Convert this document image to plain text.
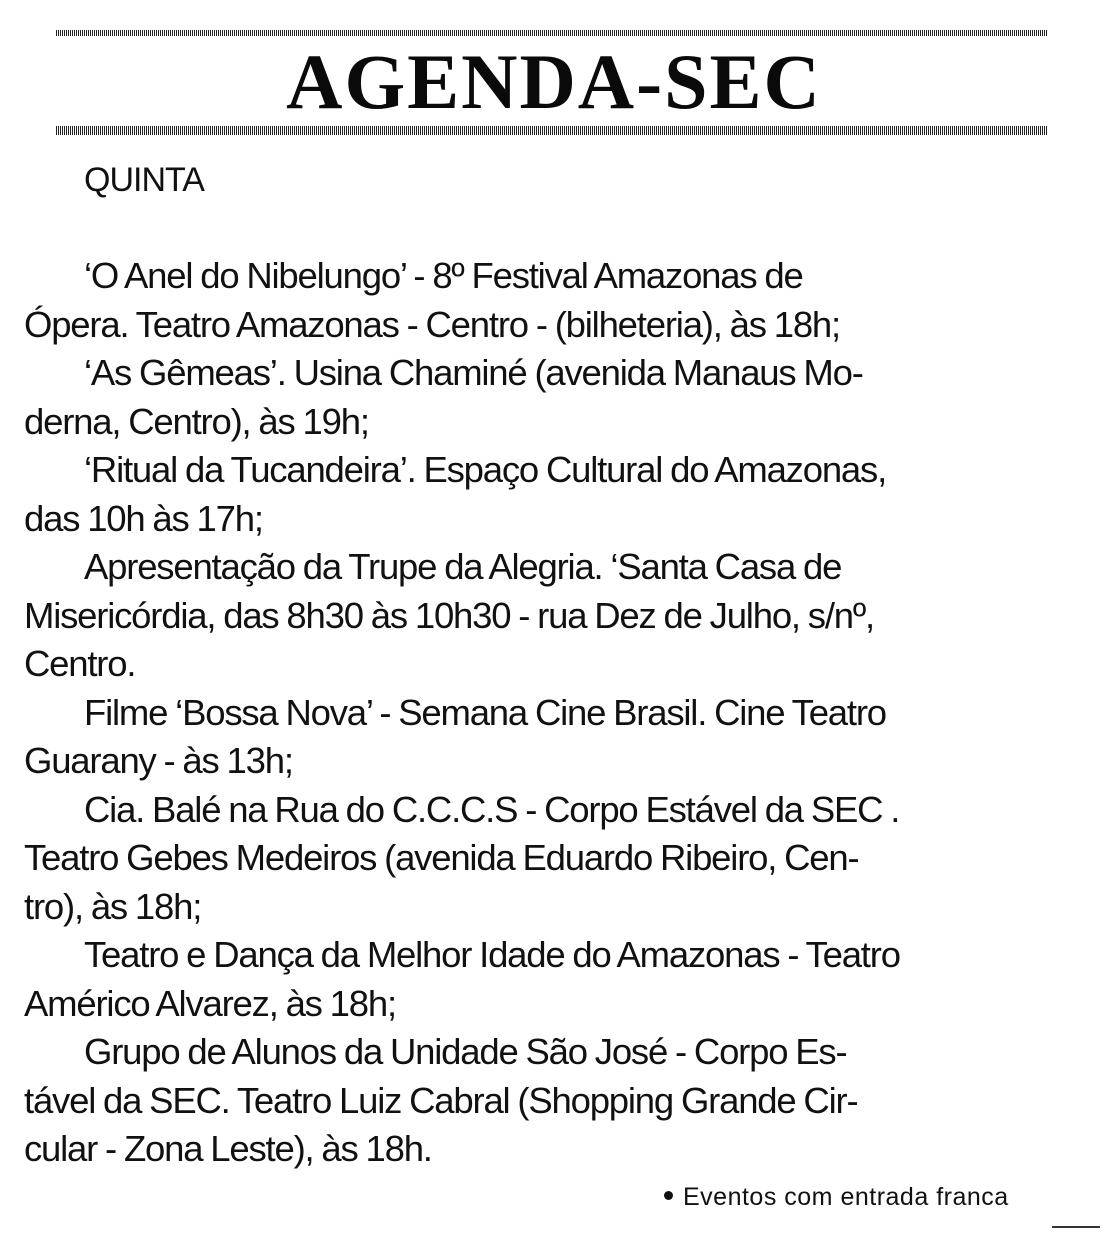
AGENDA-SEC
QUINTA
‘O Anel do Nibelungo’ - 8º Festival Amazonas de
Ópera. Teatro Amazonas - Centro - (bilheteria), às 18h;
‘As Gêmeas’. Usina Chaminé (avenida Manaus Mo-
derna, Centro), às 19h;
‘Ritual da Tucandeira’. Espaço Cultural do Amazonas,
das 10h às 17h;
Apresentação da Trupe da Alegria. ‘Santa Casa de
Misericórdia, das 8h30 às 10h30 - rua Dez de Julho, s/nº,
Centro.
Filme ‘Bossa Nova’ - Semana Cine Brasil. Cine Teatro
Guarany - às 13h;
Cia. Balé na Rua do C.C.C.S - Corpo Estável da SEC .
Teatro Gebes Medeiros (avenida Eduardo Ribeiro, Cen-
tro), às 18h;
Teatro e Dança da Melhor Idade do Amazonas - Teatro
Américo Alvarez, às 18h;
Grupo de Alunos da Unidade São José - Corpo Es-
tável da SEC. Teatro Luiz Cabral (Shopping Grande Cir-
cular - Zona Leste), às 18h.
Eventos com entrada franca
